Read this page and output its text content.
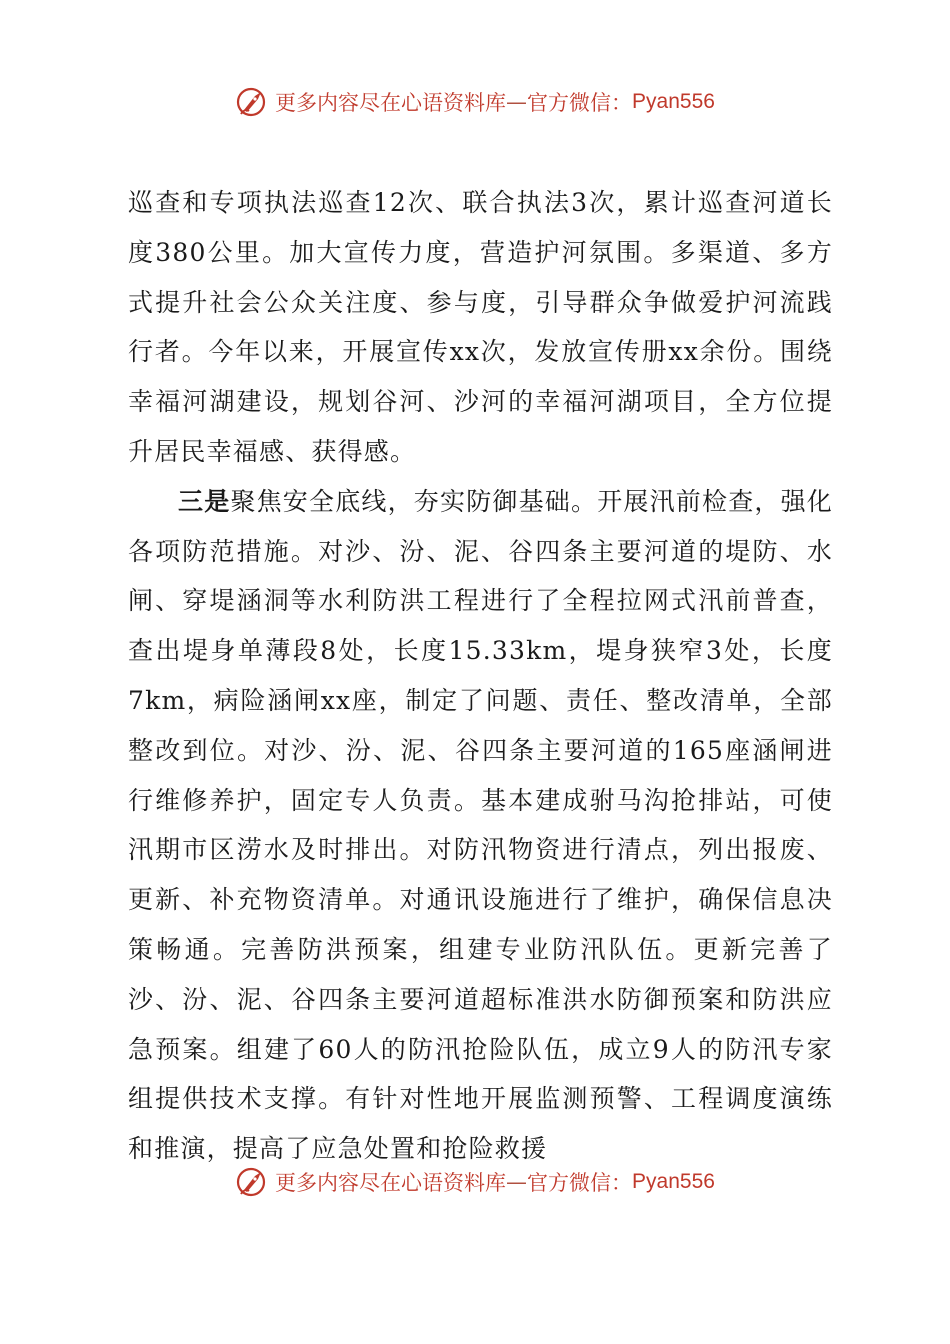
更多内容尽在心语资料库 — 官方微信： Pyan556

巡查和专项执法巡查12次、联合执法3次，累计巡查河道长度380公里。加大宣传力度，营造护河氛围。多渠道、多方式提升社会公众关注度、参与度，引导群众争做爱护河流践行者。今年以来，开展宣传xx次，发放宣传册xx余份。围绕幸福河湖建设，规划谷河、沙河的幸福河湖项目，全方位提升居民幸福感、获得感。

三是聚焦安全底线，夯实防御基础。开展汛前检查，强化各项防范措施。对沙、汾、泥、谷四条主要河道的堤防、水闸、穿堤涵洞等水利防洪工程进行了全程拉网式汛前普查，查出堤身单薄段8处，长度15.33km，堤身狭窄3处，长度7km，病险涵闸xx座，制定了问题、责任、整改清单，全部整改到位。对沙、汾、泥、谷四条主要河道的165座涵闸进行维修养护，固定专人负责。基本建成驸马沟抢排站，可使汛期市区涝水及时排出。对防汛物资进行清点，列出报废、更新、补充物资清单。对通讯设施进行了维护，确保信息决策畅通。完善防洪预案，组建专业防汛队伍。更新完善了沙、汾、泥、谷四条主要河道超标准洪水防御预案和防洪应急预案。组建了60人的防汛抢险队伍，成立9人的防汛专家组提供技术支撑。有针对性地开展监测预警、工程调度演练和推演，提高了应急处置和抢险救援

更多内容尽在心语资料库 — 官方微信： Pyan556
